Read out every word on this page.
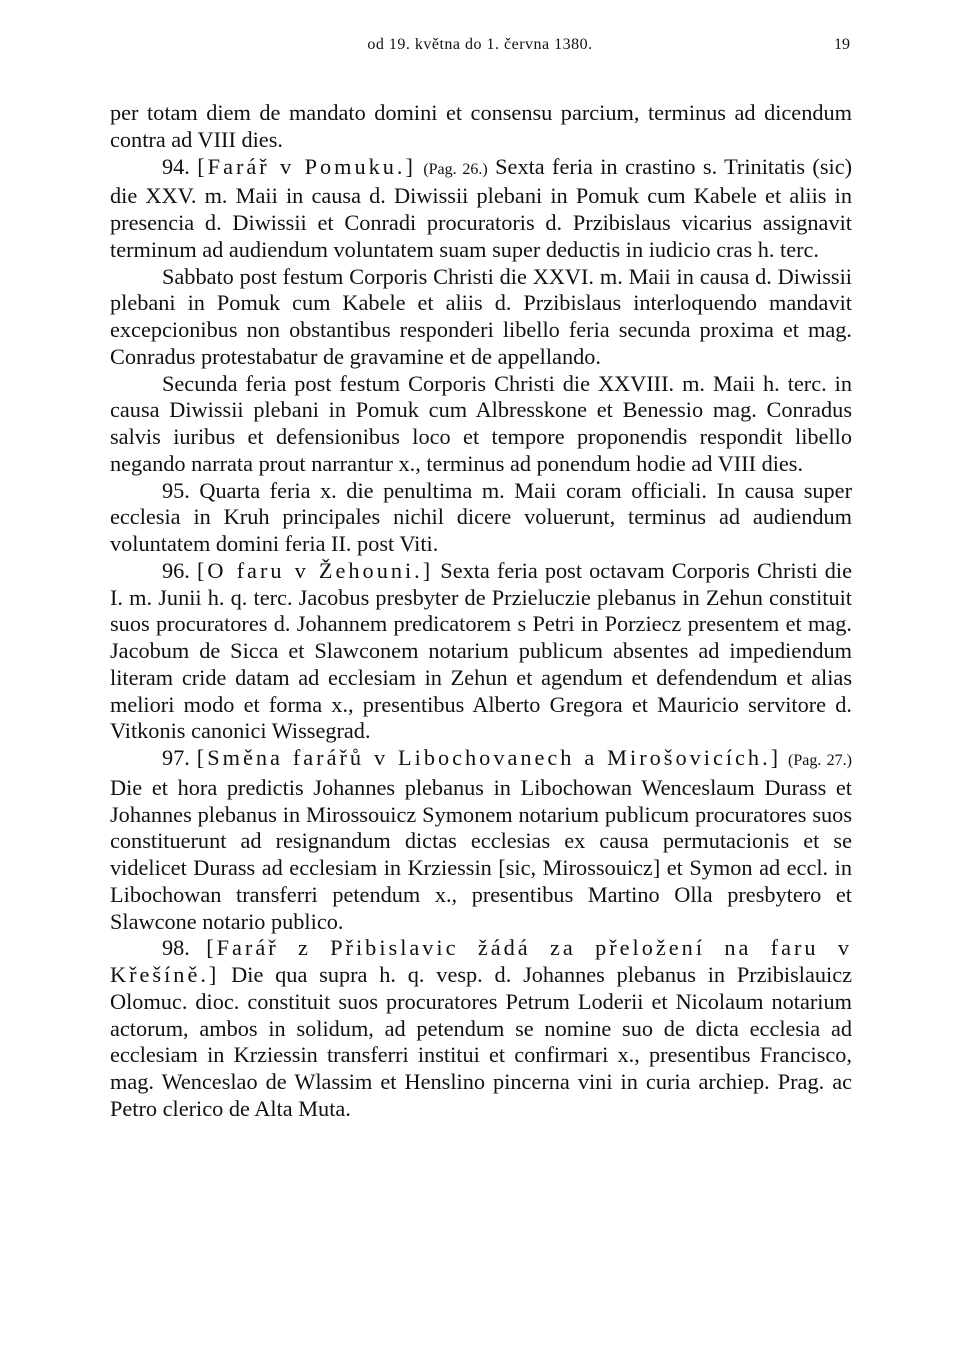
od 19. května do 1. června 1380.	19

per totam diem de mandato domini et consensu parcium, terminus ad dicendum contra ad VIII dies.

94. [Farář v Pomuku.] (Pag. 26.) Sexta feria in crastino s. Trinitatis (sic) die XXV. m. Maii in causa d. Diwissii plebani in Pomuk cum Kabele et aliis in presencia d. Diwissii et Conradi procuratoris d. Przibislaus vicarius assignavit terminum ad audiendum voluntatem suam super deductis in iudicio cras h. terc.

Sabbato post festum Corporis Christi die XXVI. m. Maii in causa d. Diwissii plebani in Pomuk cum Kabele et aliis d. Przibislaus interloquendo mandavit excepcionibus non obstantibus responderi libello feria secunda proxima et mag. Conradus protestabatur de gravamine et de appellando.

Secunda feria post festum Corporis Christi die XXVIII. m. Maii h. terc. in causa Diwissii plebani in Pomuk cum Albresskone et Benessio mag. Conradus salvis iuribus et defensionibus loco et tempore proponendis respondit libello negando narrata prout narrantur x., terminus ad ponendum hodie ad VIII dies.

95. Quarta feria x. die penultima m. Maii coram officiali. In causa super ecclesia in Kruh principales nichil dicere voluerunt, terminus ad audiendum voluntatem domini feria II. post Viti.

96. [O faru v Žehouni.] Sexta feria post octavam Corporis Christi die I. m. Junii h. q. terc. Jacobus presbyter de Przieluczie plebanus in Zehun constituit suos procuratores d. Johannem predicatorem s Petri in Porziecz presentem et mag. Jacobum de Sicca et Slawconem notarium publicum absentes ad impediendum literam cride datam ad ecclesiam in Zehun et agendum et defendendum et alias meliori modo et forma x., presentibus Alberto Gregora et Mauricio servitore d. Vitkonis canonici Wissegrad.

97. [Směna farářů v Libochovanech a Mirošovicích.] (Pag. 27.) Die et hora predictis Johannes plebanus in Libochowan Wenceslaum Durass et Johannes plebanus in Mirossouicz Symonem notarium publicum procuratores suos constituerunt ad resignandum dictas ecclesias ex causa permutacionis et se videlicet Durass ad ecclesiam in Krziessin [sic, Mirossouicz] et Symon ad eccl. in Libochowan transferri petendum x., presentibus Martino Olla presbytero et Slawcone notario publico.

98. [Farář z Přibislavic žádá za přeložení na faru v Křešíně.] Die qua supra h. q. vesp. d. Johannes plebanus in Przibislauicz Olomuc. dioc. constituit suos procuratores Petrum Loderii et Nicolaum notarium actorum, ambos in solidum, ad petendum se nomine suo de dicta ecclesia ad ecclesiam in Krziessin transferri institui et confirmari x., presentibus Francisco, mag. Wenceslao de Wlassim et Henslino pincerna vini in curia archiep. Prag. ac Petro clerico de Alta Muta.
